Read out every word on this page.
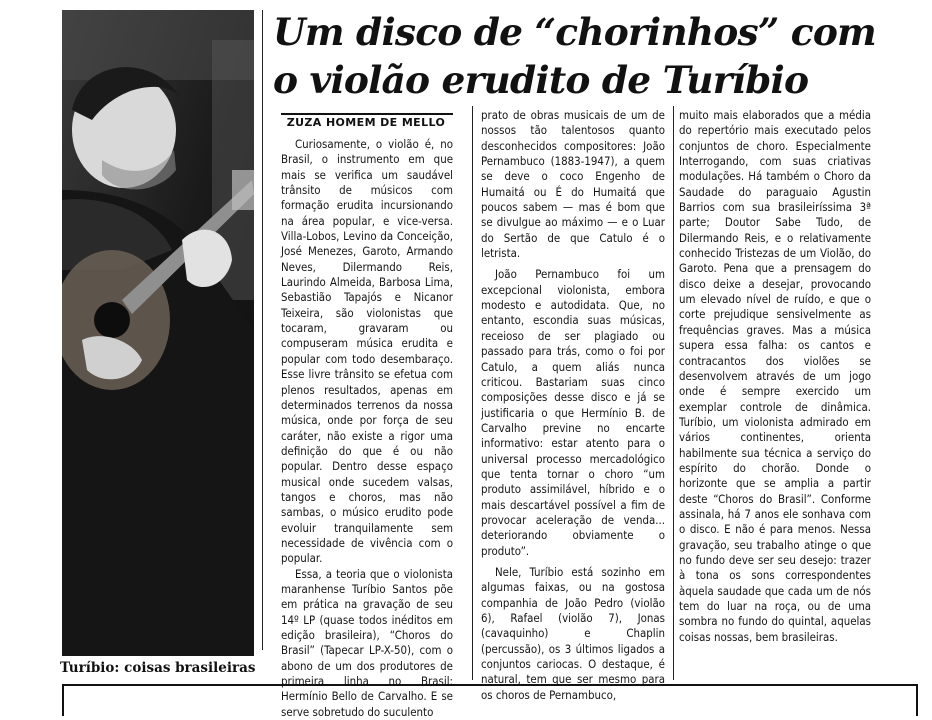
Turíbio: coisas brasileiras
Um disco de “chorinhos” com
o violão erudito de Turíbio
ZUZA HOMEM DE MELLO

Curiosamente, o violão é, no Brasil, o instrumento em que mais se verifica um saudável trânsito de músicos com formação erudita incursionando na área popular, e vice-versa. Villa-Lobos, Levino da Conceição, José Menezes, Garoto, Armando Neves, Dilermando Reis, Laurindo Almeida, Barbosa Lima, Sebastião Tapajós e Nicanor Teixeira, são violonistas que tocaram, gravaram ou compuseram música erudita e popular com todo desembaraço. Esse livre trânsito se efetua com plenos resultados, apenas em determinados terrenos da nossa música, onde por força de seu caráter, não existe a rigor uma definição do que é ou não popular. Dentro desse espaço musical onde sucedem valsas, tangos e choros, mas não sambas, o músico erudito pode evoluir tranquilamente sem necessidade de vivência com o popular.

Essa, a teoria que o violonista maranhense Turíbio Santos põe em prática na gravação de seu 14º LP (quase todos inéditos em edição brasileira), “Choros do Brasil” (Tapecar LP-X-50), com o abono de um dos produtores de primeira linha no Brasil: Hermínio Bello de Carvalho. E se serve sobretudo do suculento

prato de obras musicais de um de nossos tão talentosos quanto desconhecidos compositores: João Pernambuco (1883-1947), a quem se deve o coco Engenho de Humaitá ou É do Humaitá que poucos sabem — mas é bom que se divulgue ao máximo — e o Luar do Sertão de que Catulo é o letrista.

João Pernambuco foi um excepcional violonista, embora modesto e autodidata. Que, no entanto, escondia suas músicas, receioso de ser plagiado ou passado para trás, como o foi por Catulo, a quem aliás nunca criticou. Bastariam suas cinco composições desse disco e já se justificaria o que Hermínio B. de Carvalho previne no encarte informativo: estar atento para o universal processo mercadológico que tenta tornar o choro “um produto assimilável, híbrido e o mais descartável possível a fim de provocar aceleração de venda... deteriorando obviamente o produto”.

Nele, Turíbio está sozinho em algumas faixas, ou na gostosa companhia de João Pedro (violão 6), Rafael (violão 7), Jonas (cavaquinho) e Chaplin (percussão), os 3 últimos ligados a conjuntos cariocas. O destaque, é natural, tem que ser mesmo para os choros de Pernambuco,

muito mais elaborados que a média do repertório mais executado pelos conjuntos de choro. Especialmente Interrogando, com suas criativas modulações. Há também o Choro da Saudade do paraguaio Agustin Barrios com sua brasileiríssima 3ª parte; Doutor Sabe Tudo, de Dilermando Reis, e o relativamente conhecido Tristezas de um Violão, do Garoto. Pena que a prensagem do disco deixe a desejar, provocando um elevado nível de ruído, e que o corte prejudique sensivelmente as frequências graves. Mas a música supera essa falha: os cantos e contracantos dos violões se desenvolvem através de um jogo onde é sempre exercido um exemplar controle de dinâmica. Turíbio, um violonista admirado em vários continentes, orienta habilmente sua técnica a serviço do espírito do chorão. Donde o horizonte que se amplia a partir deste “Choros do Brasil”. Conforme assinala, há 7 anos ele sonhava com o disco. E não é para menos. Nessa gravação, seu trabalho atinge o que no fundo deve ser seu desejo: trazer à tona os sons correspondentes àquela saudade que cada um de nós tem do luar na roça, ou de uma sombra no fundo do quintal, aquelas coisas nossas, bem brasileiras.
